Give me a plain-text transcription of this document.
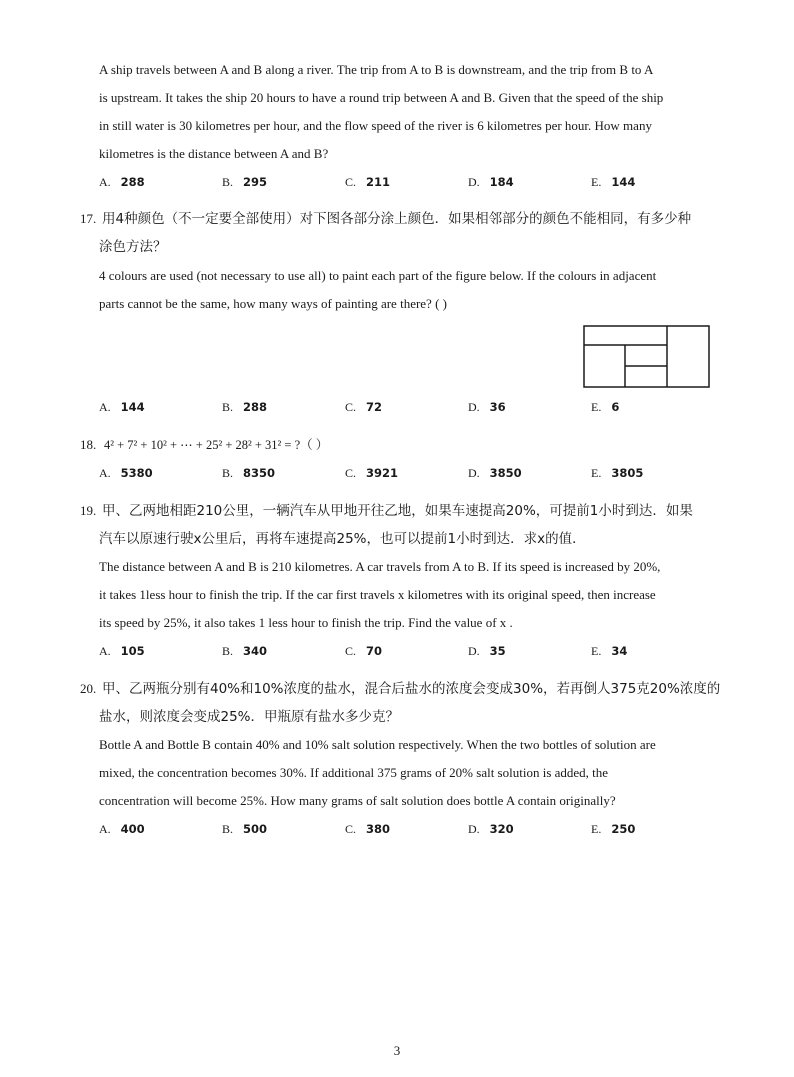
A ship travels between A and B along a river. The trip from A to B is downstream, and the trip from B to A
is upstream. It takes the ship 20 hours to have a round trip between A and B. Given that the speed of the ship
in still water is 30 kilometres per hour, and the flow speed of the river is 6 kilometres per hour. How many
kilometres is the distance between A and B?
A. 288	B. 295	C. 211	D. 184	E. 144
17. 用4种颜色（不一定要全部使用）对下图各部分涂上颜色．如果相邻部分的颜色不能相同，有多少种
涂色方法？
4 colours are used (not necessary to use all) to paint each part of the figure below. If the colours in adjacent
parts cannot be the same, how many ways of painting are there? ( )
A. 144	B. 288	C. 72	D. 36	E. 6
18. 4² + 7² + 10² + ⋯ + 25² + 28² + 31² = ?（ ）
A. 5380	B. 8350	C. 3921	D. 3850	E. 3805
19. 甲、乙两地相距210公里，一辆汽车从甲地开往乙地，如果车速提高20%，可提前1小时到达．如果
汽车以原速行驶x公里后，再将车速提高25%，也可以提前1小时到达．求x的值．
The distance between A and B is 210 kilometres. A car travels from A to B. If its speed is increased by 20%,
it takes 1less hour to finish the trip. If the car first travels x kilometres with its original speed, then increase
its speed by 25%, it also takes 1 less hour to finish the trip. Find the value of x .
A. 105	B. 340	C. 70	D. 35	E. 34
20. 甲、乙两瓶分别有40%和10%浓度的盐水，混合后盐水的浓度会变成30%，若再倒人375克20%浓度的
盐水，则浓度会变成25%．甲瓶原有盐水多少克？
Bottle A and Bottle B contain 40% and 10% salt solution respectively. When the two bottles of solution are
mixed, the concentration becomes 30%. If additional 375 grams of 20% salt solution is added, the
concentration will become 25%. How many grams of salt solution does bottle A contain originally?
A. 400	B. 500	C. 380	D. 320	E. 250
3
